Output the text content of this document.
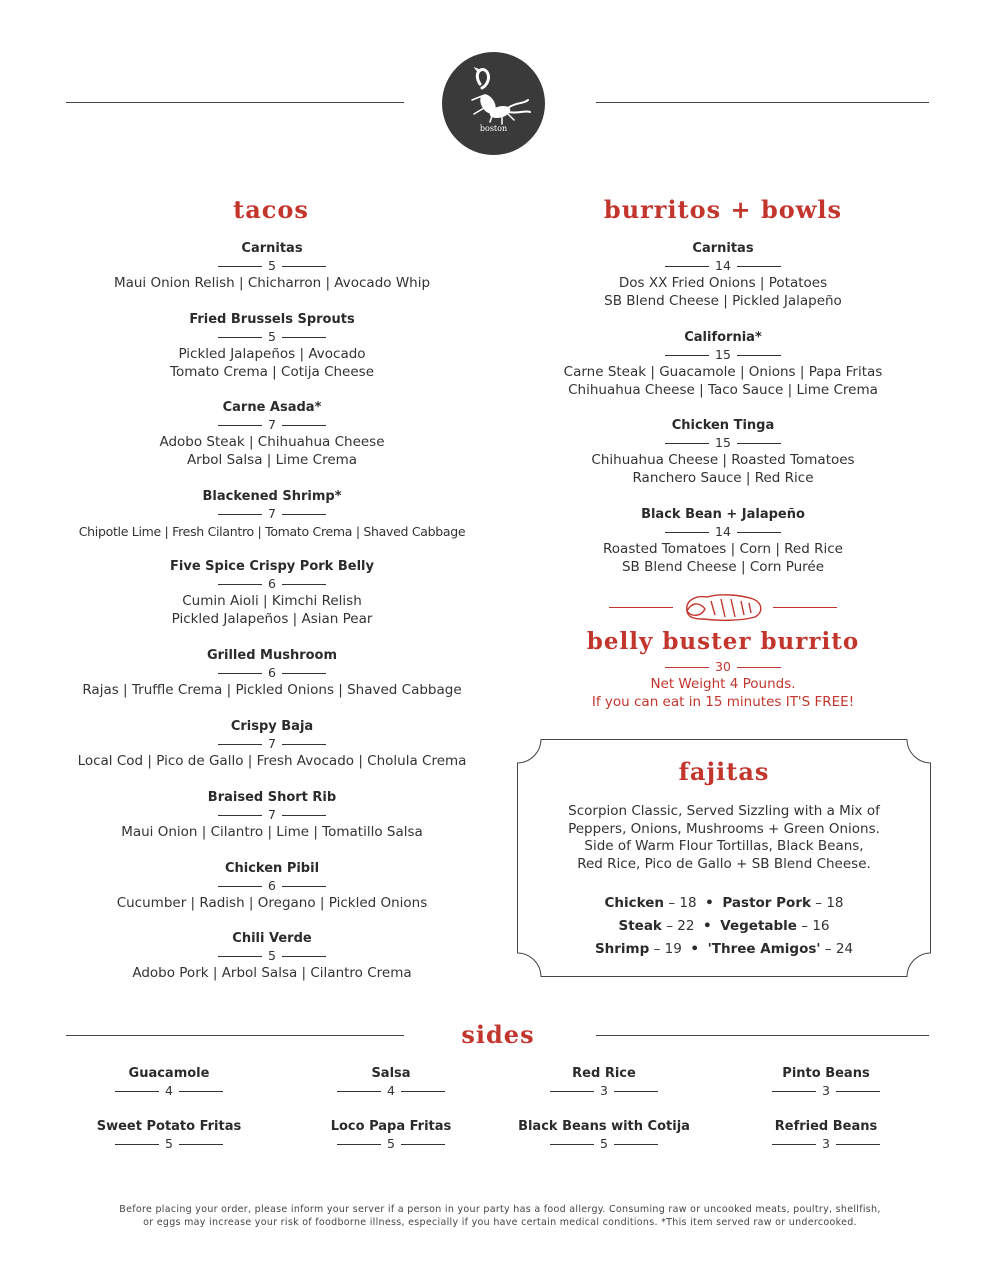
boston
tacos
Carnitas
5
Maui Onion Relish | Chicharron | Avocado Whip
Fried Brussels Sprouts
5
Pickled Jalapeños | Avocado
Tomato Crema | Cotija Cheese
Carne Asada*
7
Adobo Steak | Chihuahua Cheese
Arbol Salsa | Lime Crema
Blackened Shrimp*
7
Chipotle Lime | Fresh Cilantro | Tomato Crema | Shaved Cabbage
Five Spice Crispy Pork Belly
6
Cumin Aioli | Kimchi Relish
Pickled Jalapeños | Asian Pear
Grilled Mushroom
6
Rajas | Truffle Crema | Pickled Onions | Shaved Cabbage
Crispy Baja
7
Local Cod | Pico de Gallo | Fresh Avocado | Cholula Crema
Braised Short Rib
7
Maui Onion | Cilantro | Lime | Tomatillo Salsa
Chicken Pibil
6
Cucumber | Radish | Oregano | Pickled Onions
Chili Verde
5
Adobo Pork | Arbol Salsa | Cilantro Crema
burritos + bowls
Carnitas
14
Dos XX Fried Onions | Potatoes
SB Blend Cheese | Pickled Jalapeño
California*
15
Carne Steak | Guacamole | Onions | Papa Fritas
Chihuahua Cheese | Taco Sauce | Lime Crema
Chicken Tinga
15
Chihuahua Cheese | Roasted Tomatoes
Ranchero Sauce | Red Rice
Black Bean + Jalapeño
14
Roasted Tomatoes | Corn | Red Rice
SB Blend Cheese | Corn Purée
belly buster burrito
30
Net Weight 4 Pounds.
If you can eat in 15 minutes IT'S FREE!
fajitas
Scorpion Classic, Served Sizzling with a Mix of
Peppers, Onions, Mushrooms + Green Onions.
Side of Warm Flour Tortillas, Black Beans,
Red Rice, Pico de Gallo + SB Blend Cheese.
Chicken – 18 • Pastor Pork – 18
Steak – 22 • Vegetable – 16
Shrimp – 19 • 'Three Amigos' – 24
sides
Guacamole
4
Salsa
4
Red Rice
3
Pinto Beans
3
Sweet Potato Fritas
5
Loco Papa Fritas
5
Black Beans with Cotija
5
Refried Beans
3
Before placing your order, please inform your server if a person in your party has a food allergy. Consuming raw or uncooked meats, poultry, shellfish,
or eggs may increase your risk of foodborne illness, especially if you have certain medical conditions. *This item served raw or undercooked.
